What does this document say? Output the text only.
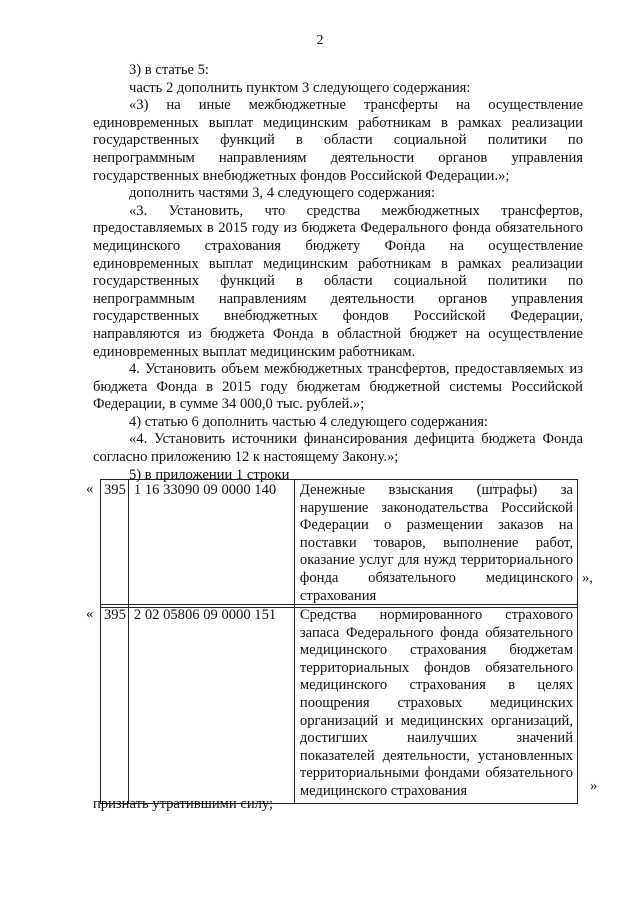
2

3) в статье 5:

часть 2 дополнить пунктом 3 следующего содержания:

«3) на иные межбюджетные трансферты на осуществление единовременных выплат медицинским работникам в рамках реализации государственных функций в области социальной политики по непрограммным направлениям деятельности органов управления государственных внебюджетных фондов Российской Федерации.»;

дополнить частями 3, 4 следующего содержания:

«3. Установить, что средства межбюджетных трансфертов, предоставляемых в 2015 году из бюджета Федерального фонда обязательного медицинского страхования бюджету Фонда на осуществление единовременных выплат медицинским работникам в рамках реализации государственных функций в области социальной политики по непрограммным направлениям деятельности органов управления государственных внебюджетных фондов Российской Федерации, направляются из бюджета Фонда в областной бюджет на осуществление единовременных выплат медицинским работникам.

4. Установить объем межбюджетных трансфертов, предоставляемых из бюджета Фонда в 2015 году бюджетам бюджетной системы Российской Федерации, в сумме 34 000,0 тыс. рублей.»;

4) статью 6 дополнить частью 4 следующего содержания:

«4. Установить источники финансирования дефицита бюджета Фонда согласно приложению 12 к настоящему Закону.»;

5) в приложении 1 строки

« 395	1 16 33090 09 0000 140	Денежные взыскания (штрафы) за нарушение законодательства Российской Федерации о размещении заказов на поставки товаров, выполнение работ, оказание услуг для нужд территориального фонда обязательного медицинского страхования
»,
« 395	2 02 05806 09 0000 151	Средства нормированного страхового запаса Федерального фонда обязательного медицинского страхования бюджетам территориальных фондов обязательного медицинского страхования в целях поощрения страховых медицинских организаций и медицинских организаций, достигших наилучших значений показателей деятельности, установленных территориальными фондами обязательного медицинского страхования	»
признать утратившими силу;
